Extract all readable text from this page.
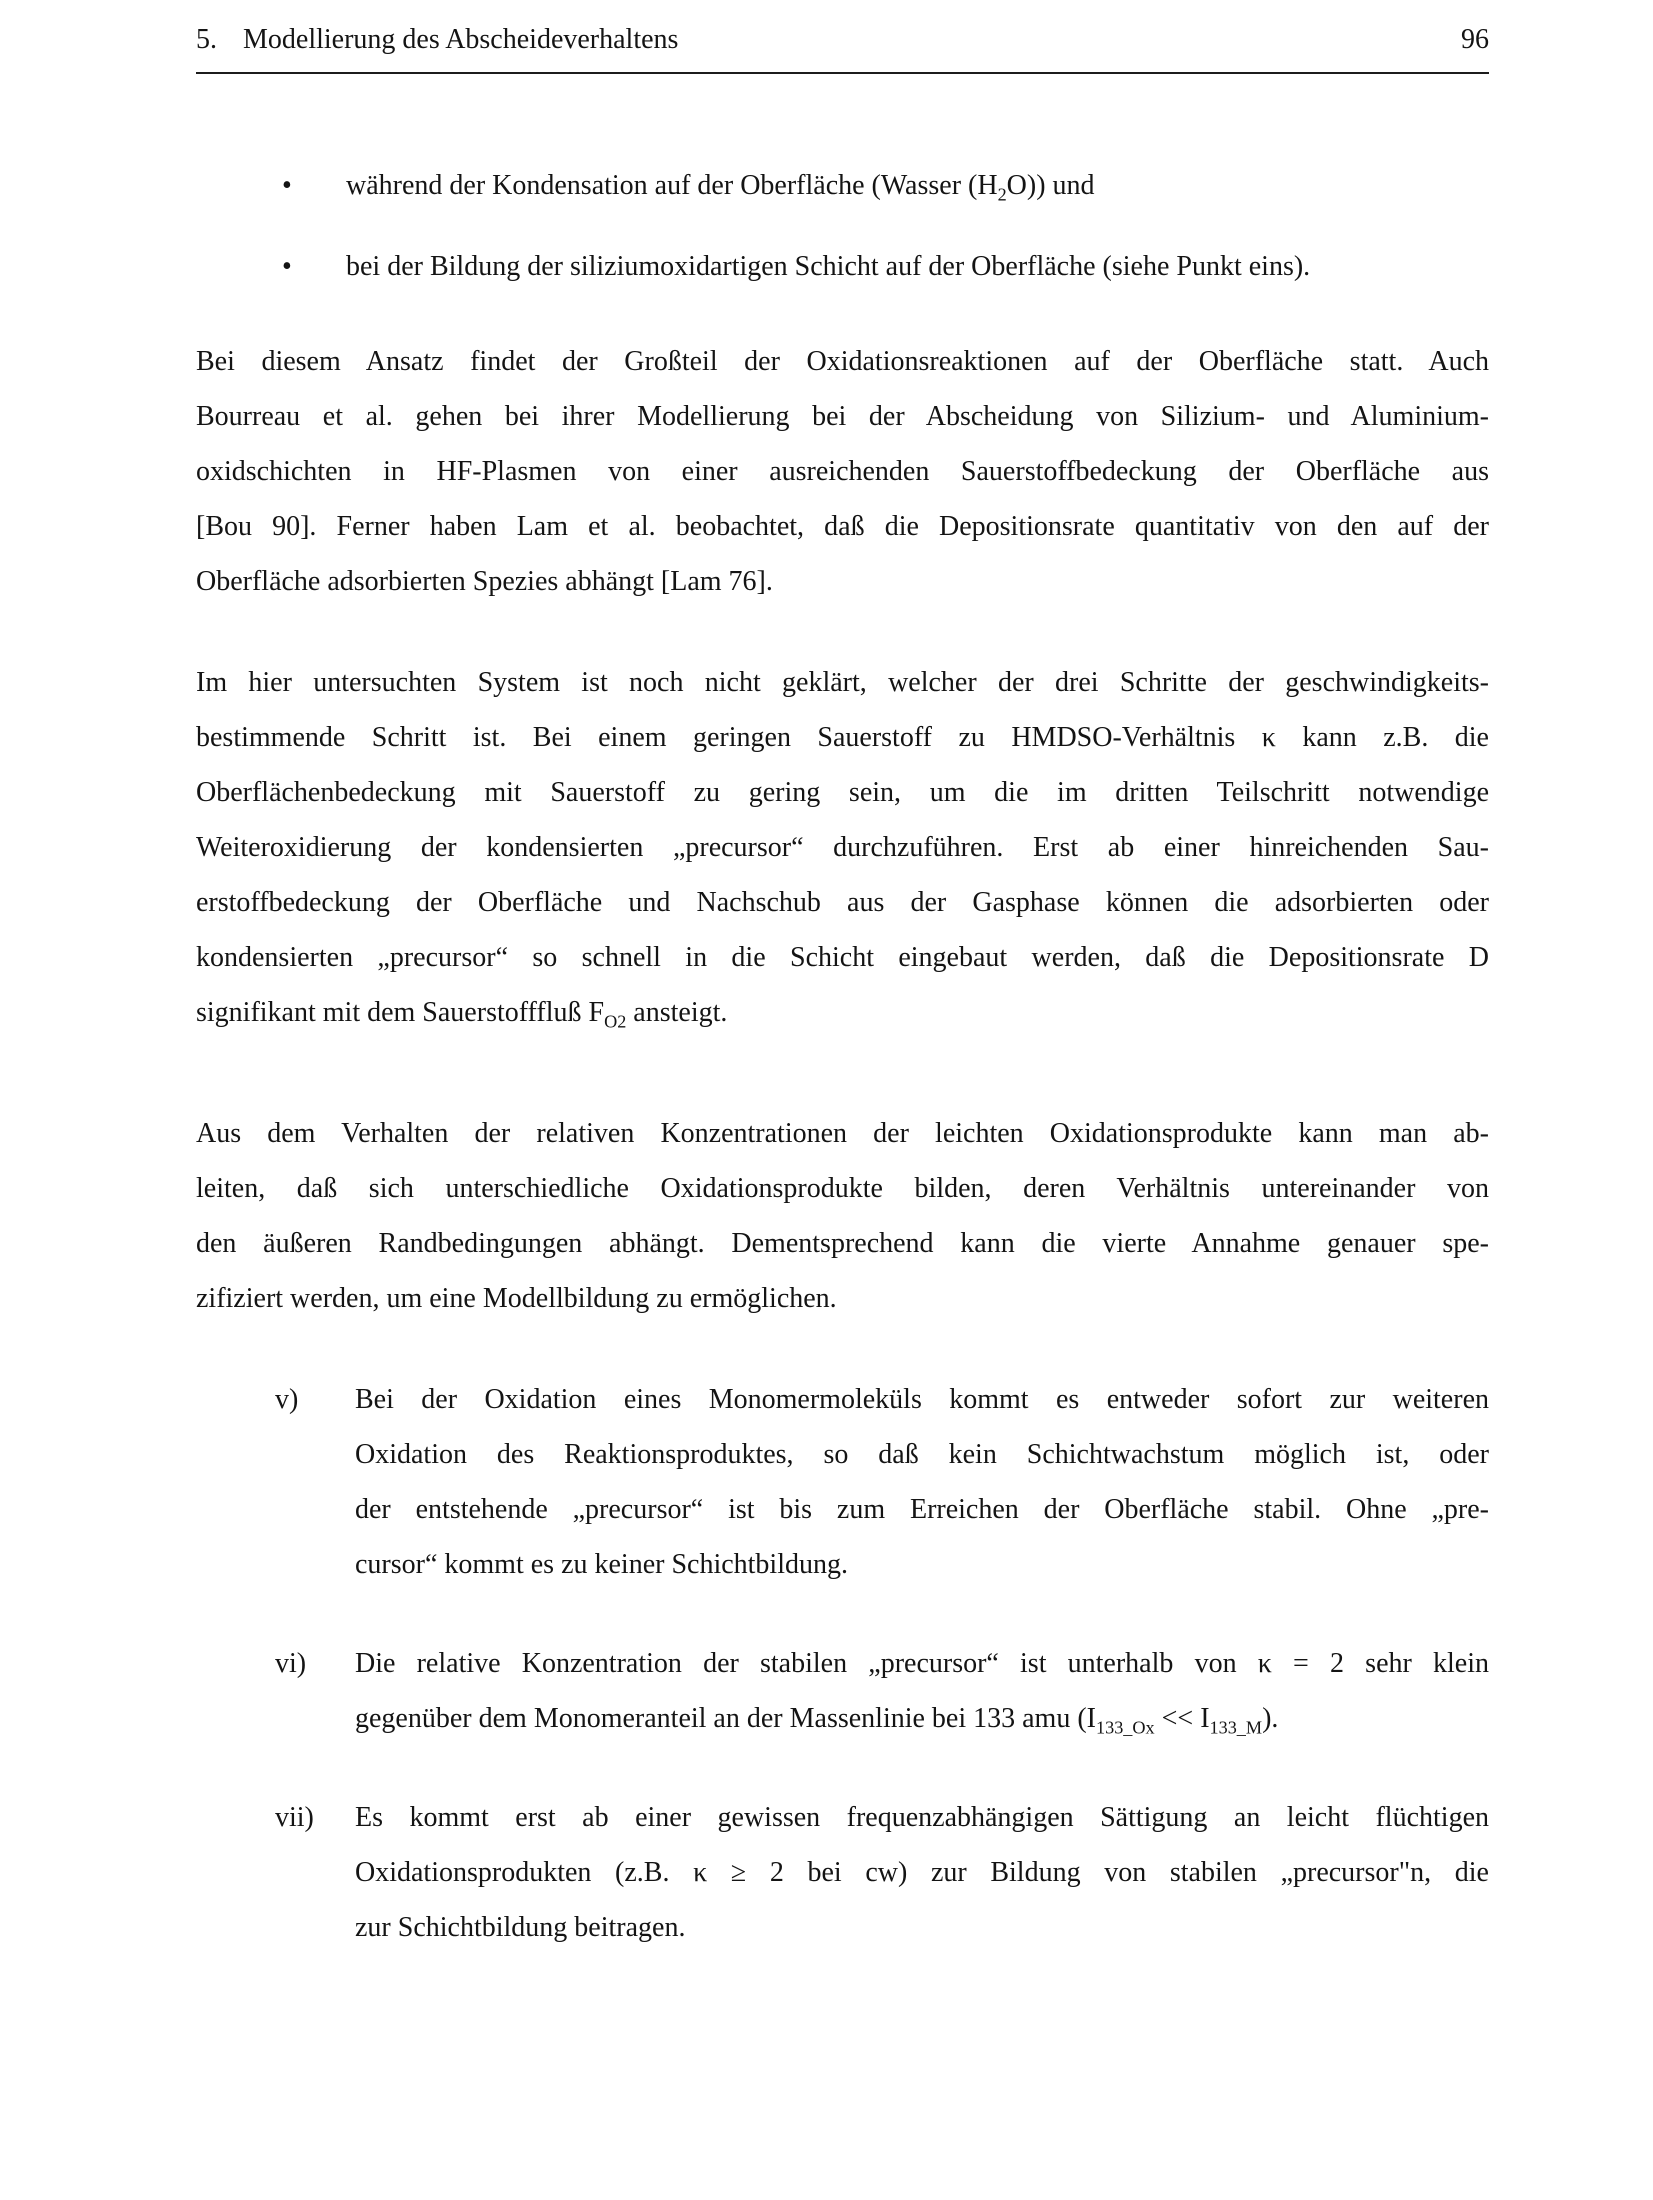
5. Modellierung des Abscheideverhaltens	96
• während der Kondensation auf der Oberfläche (Wasser $(H_2O)$) und
• bei der Bildung der siliziumoxidartigen Schicht auf der Oberfläche (siehe Punkt eins).
Bei diesem Ansatz findet der Großteil der Oxidationsreaktionen auf der Oberfläche statt. Auch
Bourreau et al. gehen bei ihrer Modellierung bei der Abscheidung von Silizium- und Aluminium-
oxidschichten in HF-Plasmen von einer ausreichenden Sauerstoffbedeckung der Oberfläche aus
[Bou 90]. Ferner haben Lam et al. beobachtet, daß die Depositionsrate quantitativ von den auf der
Oberfläche adsorbierten Spezies abhängt [Lam 76].
Im hier untersuchten System ist noch nicht geklärt, welcher der drei Schritte der geschwindigkeits-
bestimmende Schritt ist. Bei einem geringen Sauerstoff zu HMDSO-Verhältnis κ kann z.B. die
Oberflächenbedeckung mit Sauerstoff zu gering sein, um die im dritten Teilschritt notwendige
Weiteroxidierung der kondensierten „precursor“ durchzuführen. Erst ab einer hinreichenden Sau-
erstoffbedeckung der Oberfläche und Nachschub aus der Gasphase können die adsorbierten oder
kondensierten „precursor“ so schnell in die Schicht eingebaut werden, daß die Depositionsrate D
signifikant mit dem Sauerstofffluß $F_{O2}$ ansteigt.
Aus dem Verhalten der relativen Konzentrationen der leichten Oxidationsprodukte kann man ab-
leiten, daß sich unterschiedliche Oxidationsprodukte bilden, deren Verhältnis untereinander von
den äußeren Randbedingungen abhängt. Dementsprechend kann die vierte Annahme genauer spe-
zifiziert werden, um eine Modellbildung zu ermöglichen.
v) Bei der Oxidation eines Monomermoleküls kommt es entweder sofort zur weiteren
Oxidation des Reaktionsproduktes, so daß kein Schichtwachstum möglich ist, oder
der entstehende „precursor“ ist bis zum Erreichen der Oberfläche stabil. Ohne „pre-
cursor“ kommt es zu keiner Schichtbildung.
vi) Die relative Konzentration der stabilen „precursor“ ist unterhalb von κ = 2 sehr klein
gegenüber dem Monomeranteil an der Massenlinie bei 133 amu $(I_{133\_Ox} << I_{133\_M})$.
vii) Es kommt erst ab einer gewissen frequenzabhängigen Sättigung an leicht flüchtigen
Oxidationsprodukten (z.B. κ ≥ 2 bei cw) zur Bildung von stabilen „precursor"n, die
zur Schichtbildung beitragen.
